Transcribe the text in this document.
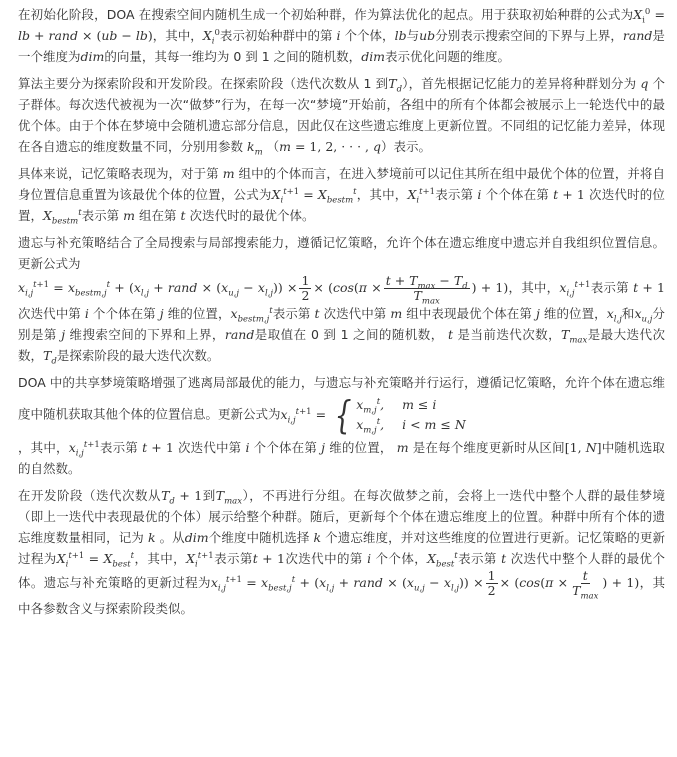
在初始化阶段，DOA 在搜索空间内随机生成一个初始种群，作为算法优化的起点。用于获取初始种群的公式为$X_i^0$ = lb + rand × (ub − lb)，其中，$X_i^0$表示初始种群中的第 i 个个体，lb与ub分别表示搜索空间的下界与上界，rand是一个维度为dim的向量，其每一维均为 0 到 1 之间的随机数，dim表示优化问题的维度。

算法主要分为探索阶段和开发阶段。在探索阶段（迭代次数从 1 到$T_d$），首先根据记忆能力的差异将种群划分为 q 个子群体。每次迭代被视为一次“做梦”行为，在每一次“梦境”开始前，各组中的所有个体都会被展示上一轮迭代中的最优个体。由于个体在梦境中会随机遗忘部分信息，因此仅在这些遗忘维度上更新位置。不同组的记忆能力差异，体现在各自遗忘的维度数量不同，分别用参数 $k_m$ （m = 1, 2, · · · , q）表示。

具体来说，记忆策略表现为，对于第 m 组中的个体而言，在进入梦境前可以记住其所在组中最优个体的位置，并将自身位置信息重置为该最优个体的位置，公式为$X_i^{t+1} = X_{bestm}^t$，其中，$X_i^{t+1}$表示第 i 个个体在第 t + 1 次迭代时的位置，$X_{bestm}^t$表示第 m 组在第 t 次迭代时的最优个体。

遗忘与补充策略结合了全局搜索与局部搜索能力，遵循记忆策略，允许个体在遗忘维度中遗忘并自我组织位置信息。更新公式为
$x_{i,j}^{t+1} = x_{bestm,j}^t + (x_{l,j}$ + rand × $(x_{u,j} - x_{l,j})) \times \frac{1}{2} \times (\cos(\pi \times \frac{t + T_{max} - T_d}{T_{max}}$ ) + 1)，其中，$x_{i,j}^{t+1}$表示第 t + 1 次迭代中第 i 个个体在第 j 维的位置，$x_{bestm,j}^t$表示第 t 次迭代中第 m 组中表现最优个体在第 j 维的位置，$x_{l,j}$和$x_{u,j}$分别是第 j 维搜索空间的下界和上界，rand是取值在 0 到 1 之间的随机数， t 是当前迭代次数，$T_{max}$是最大迭代次数，$T_d$是探索阶段的最大迭代次数。

DOA 中的共享梦境策略增强了逃离局部最优的能力，与遗忘与补充策略并行运行，遵循记忆策略，允许个体在遗忘维度中随机获取其他个体的位置信息。更新公式为$x_{i,j}^{t+1}$ = { $x_{m,j}^t$, m ≤ i
$x_{m,j}^t$, i < m ≤ N

，其中，$x_{i,j}^{t+1}$表示第 t + 1 次迭代中第 i 个个体在第 j 维的位置， m 是在每个维度更新时从区间[1, N]中随机选取的自然数。

在开发阶段（迭代次数从$T_d + 1$到$T_{max}$），不再进行分组。在每次做梦之前，会将上一迭代中整个人群的最佳梦境（即上一迭代中表现最优的个体）展示给整个种群。随后，更新每个个体在遗忘维度上的位置。种群中所有个体的遗忘维度数量相同，记为 k 。从dim个维度中随机选择 k 个遗忘维度，并对这些维度的位置进行更新。记忆策略的更新过程为$X_i^{t+1} = X_{best}^t$，其中，$X_i^{t+1}$表示第t + 1次迭代中的第 i 个个体，$X_{best}^t$表示第 t 次迭代中整个人群的最优个体。遗忘与补充策略的更新过程为$x_{i,j}^{t+1} = x_{best,j}^t + (x_{l,j}$ + rand × $(x_{u,j} - x_{l,j})) \times \frac{1}{2} \times (\cos(\pi \times \frac{t}{T_{max}}$ ) + 1)，其中各参数含义与探索阶段类似。
